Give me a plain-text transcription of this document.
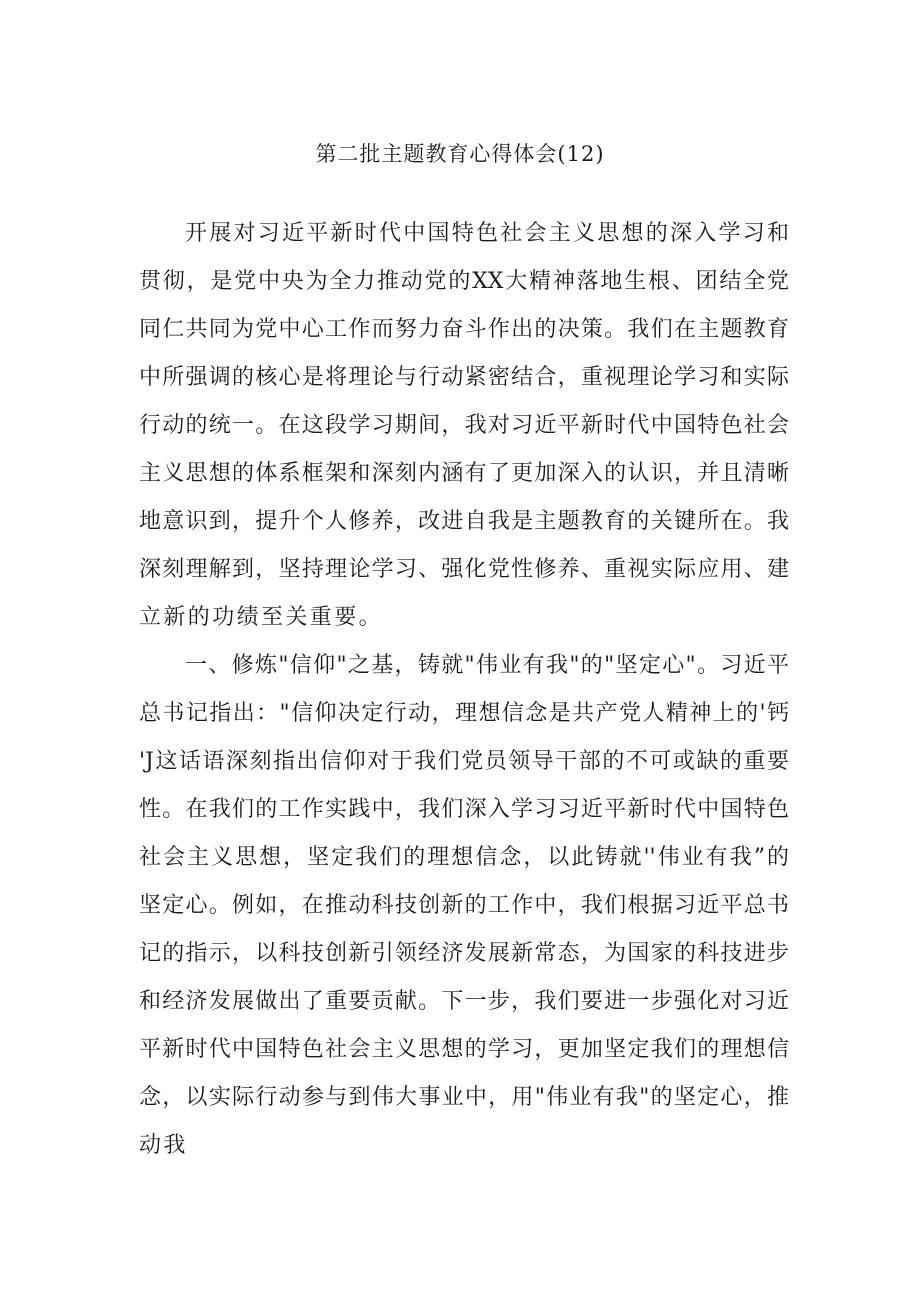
第二批主题教育心得体会(12)
开展对习近平新时代中国特色社会主义思想的深入学习和
贯彻，是党中央为全力推动党的XX大精神落地生根、团结全党
同仁共同为党中心工作而努力奋斗作出的决策。我们在主题教育
中所强调的核心是将理论与行动紧密结合，重视理论学习和实际
行动的统一。在这段学习期间，我对习近平新时代中国特色社会
主义思想的体系框架和深刻内涵有了更加深入的认识，并且清晰
地意识到，提升个人修养，改进自我是主题教育的关键所在。我
深刻理解到，坚持理论学习、强化党性修养、重视实际应用、建
立新的功绩至关重要。
一、修炼"信仰"之基，铸就"伟业有我"的"坚定心"。习近平
总书记指出："信仰决定行动，理想信念是共产党人精神上的'钙
'J这话语深刻指出信仰对于我们党员领导干部的不可或缺的重要
性。在我们的工作实践中，我们深入学习习近平新时代中国特色
社会主义思想，坚定我们的理想信念，以此铸就''伟业有我”的
坚定心。例如，在推动科技创新的工作中，我们根据习近平总书
记的指示，以科技创新引领经济发展新常态，为国家的科技进步
和经济发展做出了重要贡献。下一步，我们要进一步强化对习近
平新时代中国特色社会主义思想的学习，更加坚定我们的理想信
念，以实际行动参与到伟大事业中，用"伟业有我"的坚定心，推
动我
